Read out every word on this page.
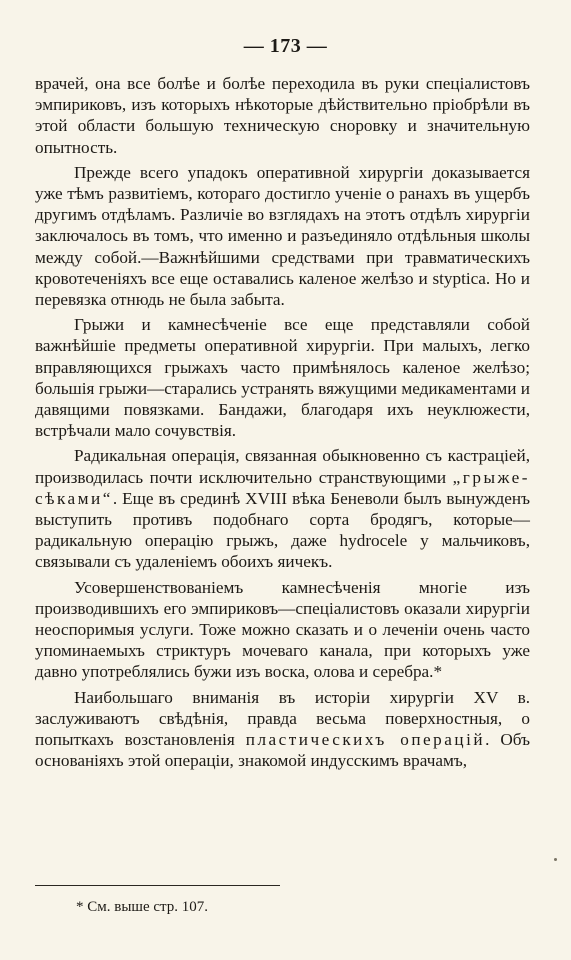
— 173 —

врачей, она все болѣе и болѣе переходила въ руки спеціалистовъ эмпириковъ, изъ которыхъ нѣкоторые дѣйствительно пріобрѣли въ этой области большую техническую сноровку и значительную опытность.

Прежде всего упадокъ оперативной хирургіи доказывается уже тѣмъ развитіемъ, котораго достигло ученіе о ранахъ въ ущербъ другимъ отдѣламъ. Различіе во взглядахъ на этотъ отдѣлъ хирургіи заключалось въ томъ, что именно и разъединяло отдѣльныя школы между собой.—Важнѣйшими средствами при травматическихъ кровотеченіяхъ все еще оставались каленое желѣзо и stypticа. Но и перевязка отнюдь не была забыта.

Грыжи и камнесѣченіе все еще представляли собой важнѣйшіе предметы оперативной хирургіи. При малыхъ, легко вправляющихся грыжахъ часто примѣнялось каленое желѣзо; большія грыжи—старались устранять вяжущими медикаментами и давящими повязками. Бандажи, благодаря ихъ неуклюжести, встрѣчали мало сочувствія.

Радикальная операція, связанная обыкновенно съ кастраціей, производилась почти исключительно странствующими „грыже-сѣками“. Еще въ срединѣ XVIII вѣка Беневоли былъ вынужденъ выступить противъ подобнаго сорта бродягъ, которые—радикальную операцію грыжъ, даже hydrocele у мальчиковъ, связывали съ удаленіемъ обоихъ яичекъ.

Усовершенствованіемъ камнесѣченія многіе изъ производившихъ его эмпириковъ—спеціалистовъ оказали хирургіи неоспоримыя услуги. Тоже можно сказать и о леченіи очень часто упоминаемыхъ стриктуръ мочеваго канала, при которыхъ уже давно употреблялись бужи изъ воска, олова и серебра.*

Наибольшаго вниманія въ исторіи хирургіи XV в. заслуживаютъ свѣдѣнія, правда весьма поверхностныя, о попыткахъ возстановленія пластическихъ операцій. Объ основаніяхъ этой операціи, знакомой индусскимъ врачамъ,

* См. выше стр. 107.
